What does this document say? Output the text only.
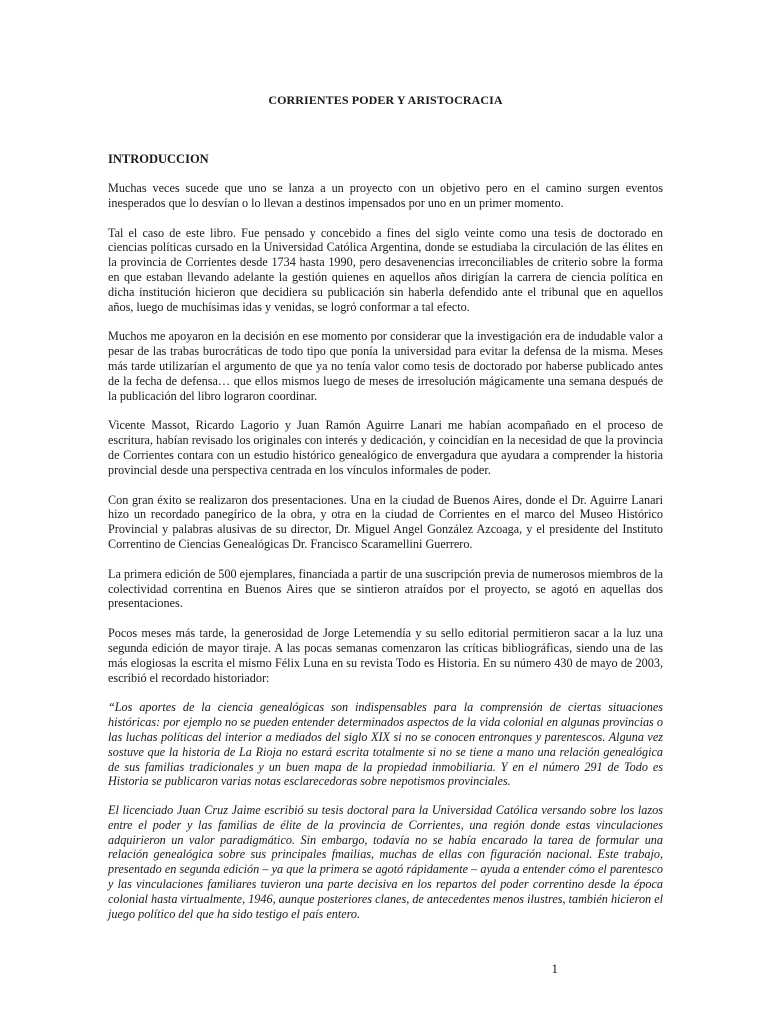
CORRIENTES PODER Y ARISTOCRACIA
INTRODUCCION

Muchas veces sucede que uno se lanza a un proyecto con un objetivo pero en el camino surgen eventos inesperados que lo desvían o lo llevan a destinos impensados por uno en un primer momento.

Tal el caso de este libro. Fue pensado y concebido a fines del siglo veinte como una tesis de doctorado en ciencias políticas cursado en la Universidad Católica Argentina, donde se estudiaba la circulación de las élites en la provincia de Corrientes desde 1734 hasta 1990, pero desavenencias irreconciliables de criterio sobre la forma en que estaban llevando adelante la gestión quienes en aquellos años dirigían la carrera de ciencia política en dicha institución hicieron que decidiera su publicación sin haberla defendido ante el tribunal que en aquellos años, luego de muchísimas idas y venidas, se logró conformar a tal efecto.

Muchos me apoyaron en la decisión en ese momento por considerar que la investigación era de indudable valor a pesar de las trabas burocráticas de todo tipo que ponía la universidad para evitar la defensa de la misma. Meses más tarde utilizarían el argumento de que ya no tenía valor como tesis de doctorado por haberse publicado antes de la fecha de defensa… que ellos mismos luego de meses de irresolución mágicamente una semana después de la publicación del libro lograron coordinar.

Vicente Massot, Ricardo Lagorio y Juan Ramón Aguirre Lanari me habían acompañado en el proceso de escritura, habían revisado los originales con interés y dedicación, y coincidían en la necesidad de que la provincia de Corrientes contara con un estudio histórico genealógico de envergadura que ayudara a comprender la historia provincial desde una perspectiva centrada en los vínculos informales de poder.

Con gran éxito se realizaron dos presentaciones. Una en la ciudad de Buenos Aires, donde el Dr. Aguirre Lanari hizo un recordado panegírico de la obra, y otra en la ciudad de Corrientes en el marco del Museo Histórico Provincial y palabras alusivas de su director, Dr. Miguel Angel González Azcoaga, y el presidente del Instituto Correntino de Ciencias Genealógicas Dr. Francisco Scaramellini Guerrero.

La primera edición de 500 ejemplares, financiada a partir de una suscripción previa de numerosos miembros de la colectividad correntina en Buenos Aires que se sintieron atraídos por el proyecto, se agotó en aquellas dos presentaciones.

Pocos meses más tarde, la generosidad de Jorge Letemendía y su sello editorial permitieron sacar a la luz una segunda edición de mayor tiraje. A las pocas semanas comenzaron las críticas bibliográficas, siendo una de las más elogiosas la escrita el mismo Félix Luna en su revista Todo es Historia. En su número 430 de mayo de 2003, escribió el recordado historiador:

“Los aportes de la ciencia genealógicas son indispensables para la comprensión de ciertas situaciones históricas: por ejemplo no se pueden entender determinados aspectos de la vida colonial en algunas provincias o las luchas políticas del interior a mediados del siglo XIX si no se conocen entronques y parentescos. Alguna vez sostuve que la historia de La Rioja no estará escrita totalmente si no se tiene a mano una relación genealógica de sus familias tradicionales y un buen mapa de la propiedad inmobiliaria. Y en el número 291 de Todo es Historia se publicaron varias notas esclarecedoras sobre nepotismos provinciales.

El licenciado Juan Cruz Jaime escribió su tesis doctoral para la Universidad Católica versando sobre los lazos entre el poder y las familias de élite de la provincia de Corrientes, una región donde estas vinculaciones adquirieron un valor paradigmático. Sin embargo, todavía no se había encarado la tarea de formular una relación genealógica sobre sus principales fmailias, muchas de ellas con figuración nacional. Este trabajo, presentado en segunda edición – ya que la primera se agotó rápidamente – ayuda a entender cómo el parentesco y las vinculaciones familiares tuvieron una parte decisiva en los repartos del poder correntino desde la época colonial hasta virtualmente, 1946, aunque posteriores clanes, de antecedentes menos ilustres, también hicieron el juego político del que ha sido testigo el país entero.

1
